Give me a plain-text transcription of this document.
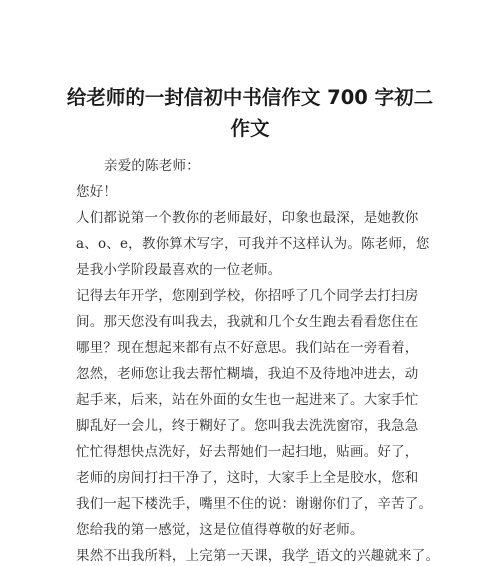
给老师的一封信初中书信作文 700 字初二
作文
亲爱的陈老师：
您好！
人们都说第一个教你的老师最好，印象也最深，是她教你
a、o、e，教你算术写字，可我并不这样认为。陈老师，您
是我小学阶段最喜欢的一位老师。
记得去年开学，您刚到学校，你招呼了几个同学去打扫房
间。那天您没有叫我去，我就和几个女生跑去看看您住在
哪里？现在想起来都有点不好意思。我们站在一旁看着，
忽然，老师您让我去帮忙糊墙，我迫不及待地冲进去，动
起手来，后来，站在外面的女生也一起进来了。大家手忙
脚乱好一会儿，终于糊好了。您叫我去洗洗窗帘，我急急
忙忙得想快点洗好，好去帮她们一起扫地，贴画。好了，
老师的房间打扫干净了，这时，大家手上全是胶水，您和
我们一起下楼洗手，嘴里不住的说：谢谢你们了，辛苦了。
您给我的第一感觉，这是位值得尊敬的好老师。
果然不出我所料，上完第一天课，我学_语文的兴趣就来了。
